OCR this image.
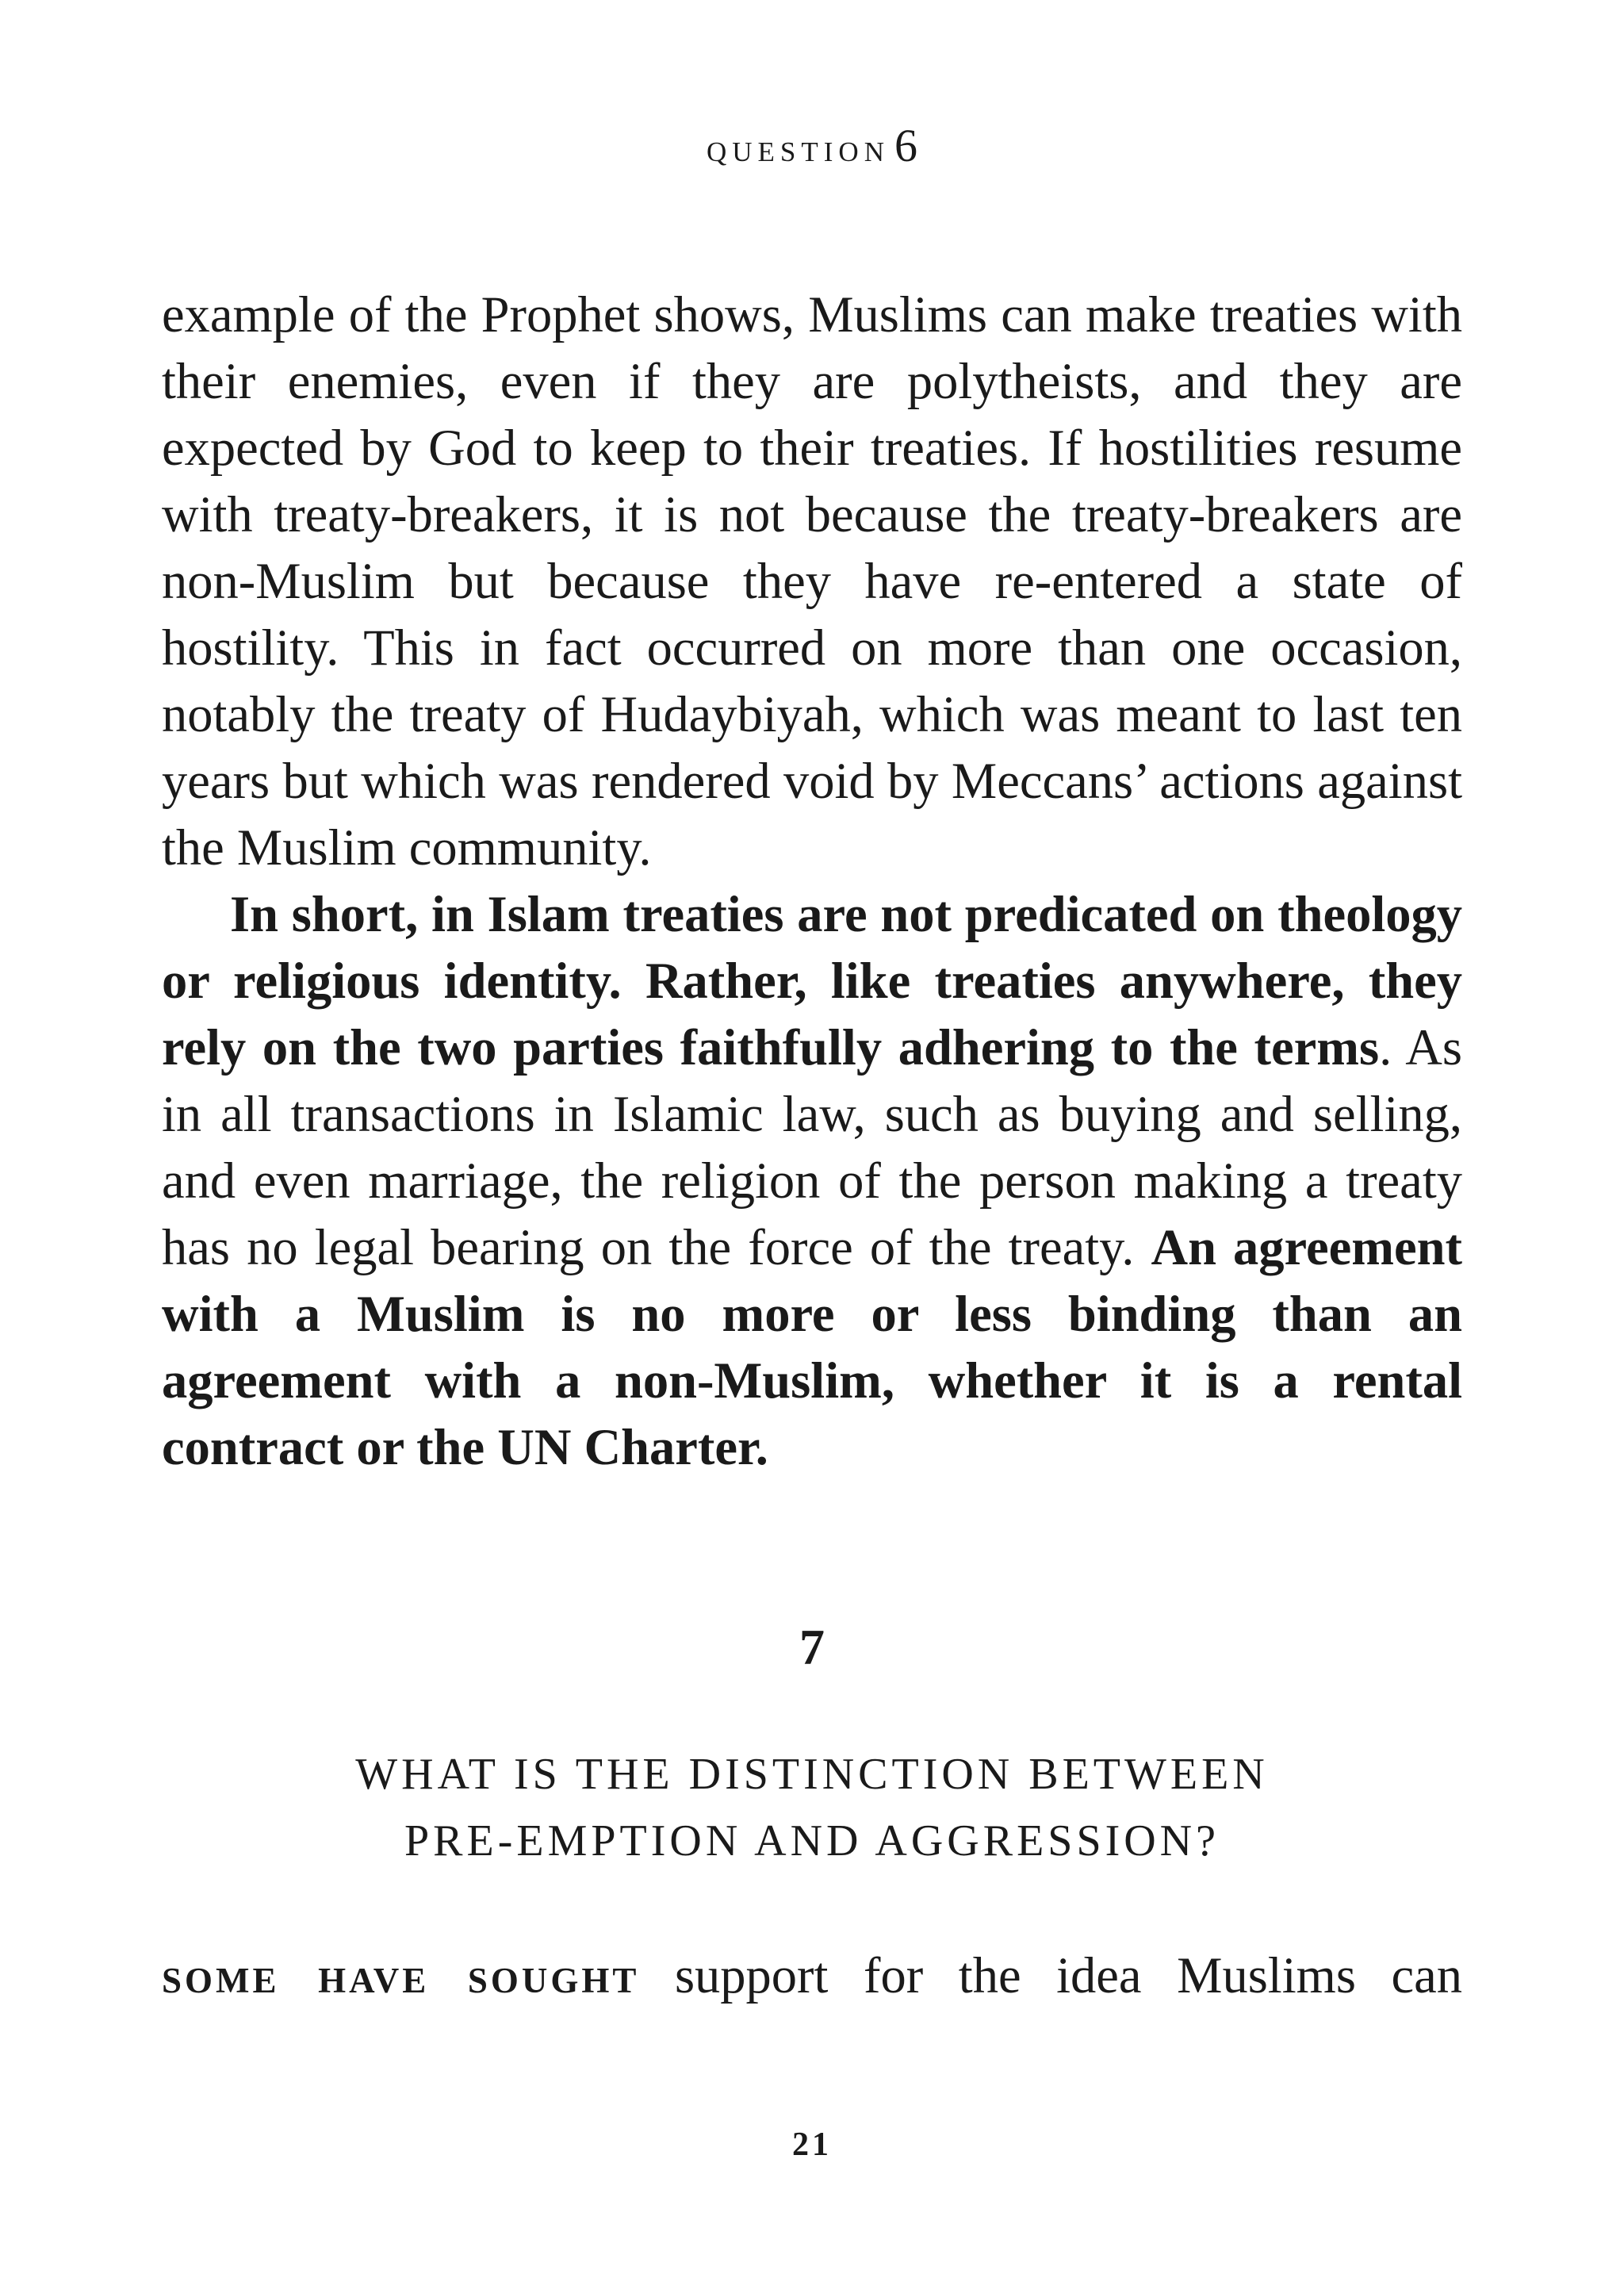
question 6

example of the Prophet shows, Muslims can make treaties with their enemies, even if they are polytheists, and they are expected by God to keep to their treaties. If hostilities resume with treaty-breakers, it is not because the treaty-breakers are non-Muslim but because they have re-entered a state of hostility. This in fact occurred on more than one occasion, notably the treaty of Hudaybiyah, which was meant to last ten years but which was rendered void by Meccans’ actions against the Muslim community.

In short, in Islam treaties are not predicated on theology or religious identity. Rather, like treaties anywhere, they rely on the two parties faithfully adhering to the terms. As in all transactions in Islamic law, such as buying and selling, and even marriage, the religion of the person making a treaty has no legal bearing on the force of the treaty. An agreement with a Muslim is no more or less binding than an agreement with a non-Muslim, whether it is a rental contract or the UN Charter.

7
WHAT IS THE DISTINCTION BETWEEN
PRE-EMPTION AND AGGRESSION?
some have sought support for the idea Muslims can
21
